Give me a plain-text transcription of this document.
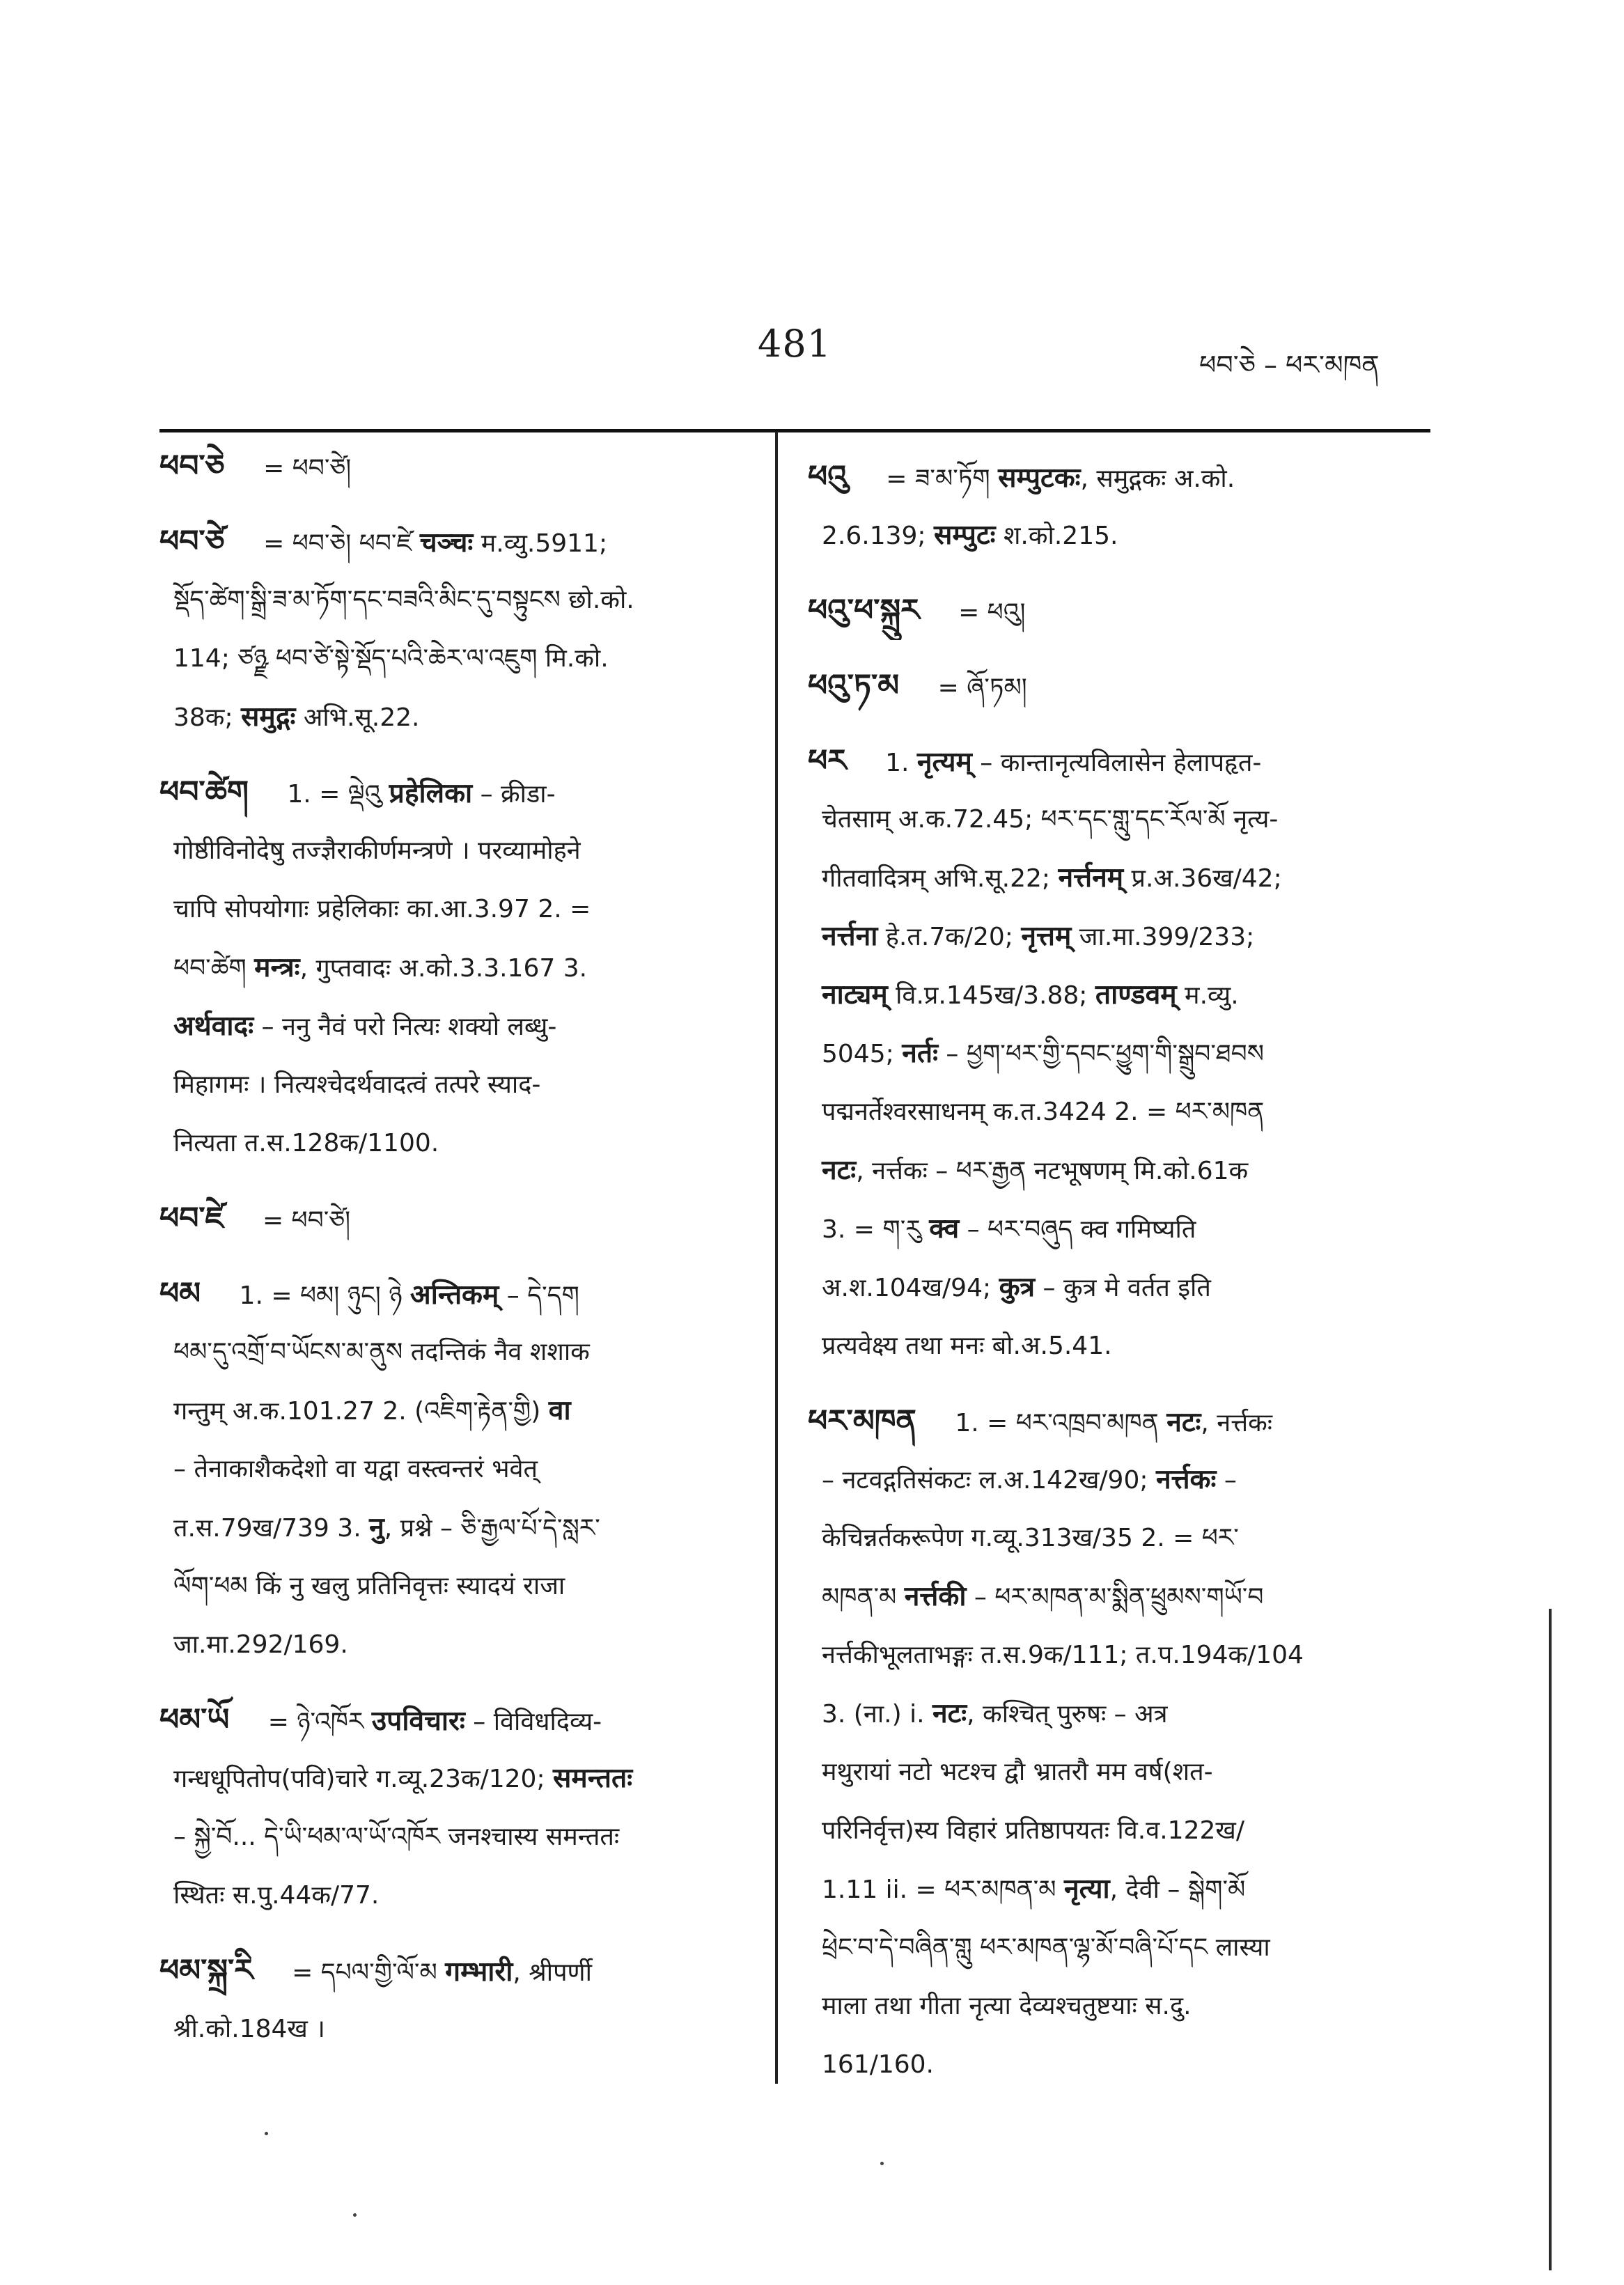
481	ཕབ་ཅེ – ཕར་མཁན
ཕབ་ཅེ = ཕབ་ཙེ།
ཕབ་ཙེ = ཕབ་ཅེ། ཕབ་ཛེ चञ्चः म.व्यु.5911;
སྡོད་ཚེག་སྒྲི་ཟ་མ་ཏོག་དང་བཟའི་མིང་དུ་བསྟུངས छो.को.
114; ཙཉྫ ཕབ་ཙེ་སྟེ་སྡོད་པའི་ཆེར་ལ་འཇུག मि.को.
38क; समुद्गः अभि.सू.22.
ཕབ་ཚེག 1. = ལྡེའུ प्रहेलिका – क्रीडा-
गोष्ठीविनोदेषु तज्ज्ञैराकीर्णमन्त्रणे । परव्यामोहने
चापि सोपयोगाः प्रहेलिकाः का.आ.3.97 2. =
ཕབ་ཚེག मन्त्रः, गुप्तवादः अ.को.3.3.167 3.
अर्थवादः – ननु नैवं परो नित्यः शक्यो लब्धु-
मिहागमः । नित्यश्चेदर्थवादत्वं तत्परे स्याद-
नित्यता त.स.128क/1100.
ཕབ་ཛེ = ཕབ་ཙེ།
ཕམ 1. = ཕམ། ཉུང། ཉེ अन्तिकम् – དེ་དག
ཕམ་དུ་འགྲོ་བ་ཡོངས་མ་ནུས तदन्तिकं नैव शशाक
गन्तुम् अ.क.101.27 2. (འཇིག་རྟེན་གྱི) वा
– तेनाकाशैकदेशो वा यद्वा वस्त्वन्तरं भवेत्
त.स.79ख/739 3. नु, प्रश्ने – ཅི་རྒྱལ་པོ་དེ་སླར་
ལོག་ཕམ किं नु खलु प्रतिनिवृत्तः स्यादयं राजा
जा.मा.292/169.
ཕམ་ཡོ = ཉེ་འཁོར उपविचारः – विविधदिव्य-
गन्धधूपितोप(पवि)चारे ग.व्यू.23क/120; समन्ततः
– སྐྱེ་བོ... དེ་ཡི་ཕམ་ལ་ཡོ་འཁོར जनश्चास्य समन्ततः
स्थितः स.पु.44क/77.
ཕམ་སྐྲ་རི = དཔལ་གྱི་ལོ་མ गम्भारी, श्रीपर्णी
श्री.को.184ख ।
ཕའུ = ཟ་མ་ཏོག सम्पुटकः, समुद्गकः अ.को.
2.6.139; सम्पुटः श.को.215.
ཕའུ་ཕ་སྐྲུར = ཕའུ།
ཕའུ་ཏ་མ = ཞོ་ཏམ།
ཕར 1. नृत्यम् – कान्तानृत्यविलासेन हेलापहृत-
चेतसाम् अ.क.72.45; ཕར་དང་གླུ་དང་རོལ་མོ नृत्य-
गीतवादित्रम् अभि.सू.22; नर्त्तनम् प्र.अ.36ख/42;
नर्त्तना हे.त.7क/20; नृत्तम् जा.मा.399/233;
नाट्यम् वि.प्र.145ख/3.88; ताण्डवम् म.व्यु.
5045; नर्तः – ཕྱག་ཕར་གྱི་དབང་ཕྱུག་གི་སྒྲུབ་ཐབས
पद्मनर्तेश्वरसाधनम् क.त.3424 2. = ཕར་མཁན
नटः, नर्त्तकः – ཕར་རྒྱན नटभूषणम् मि.को.61क
3. = ག་རུ क्व – ཕར་བཞུད क्व गमिष्यति
अ.श.104ख/94; कुत्र – कुत्र मे वर्तत इति
प्रत्यवेक्ष्य तथा मनः बो.अ.5.41.
ཕར་མཁན 1. = ཕར་འཁྲབ་མཁན नटः, नर्त्तकः
– नटवद्गतिसंकटः ल.अ.142ख/90; नर्त्तकः –
केचिन्नर्तकरूपेण ग.व्यू.313ख/35 2. = ཕར་
མཁན་མ नर्त्तकी – ཕར་མཁན་མ་སྨིན་ཕྲུམས་གཡོ་བ
नर्त्तकीभूलताभङ्गः त.स.9क/111; त.प.194क/104
3. (ना.) i. नटः, कश्चित् पुरुषः – अत्र
मथुरायां नटो भटश्च द्वौ भ्रातरौ मम वर्ष(शत-
परिनिर्वृत्त)स्य विहारं प्रतिष्ठापयतः वि.व.122ख/
1.11 ii. = ཕར་མཁན་མ नृत्या, देवी – སྒེག་མོ
ཕྲེང་བ་དེ་བཞིན་གླུ ཕར་མཁན་ལྷ་མོ་བཞི་པོ་དང लास्या
माला तथा गीता नृत्या देव्यश्चतुष्टयाः स.दु.
161/160.
